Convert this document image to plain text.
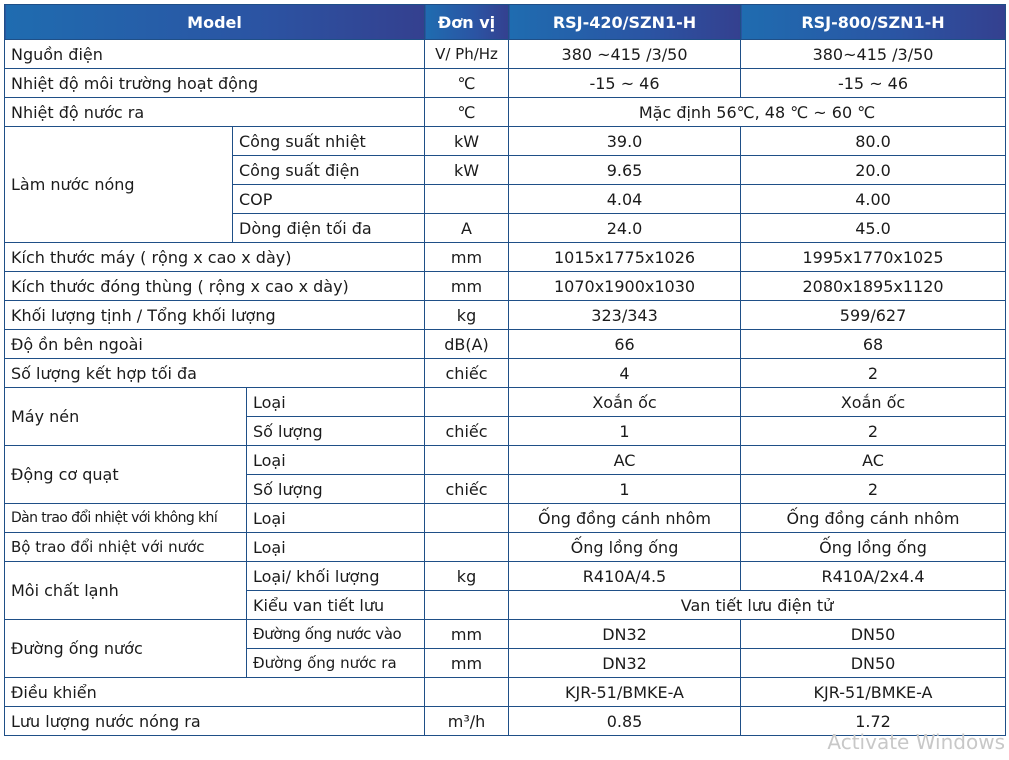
Model			Đơn vị	RSJ-420/SZN1-H	RSJ-800/SZN1-H
Nguồn điện			V/ Ph/Hz	380 ~415 /3/50	380~415 /3/50
Nhiệt độ môi trường hoạt động			℃	-15 ~ 46	-15 ~ 46
Nhiệt độ nước ra			℃	Mặc định 56℃, 48 ℃ ~ 60 ℃	
Làm nước nóng	Công suất nhiệt		kW	39.0	80.0
	Công suất điện		kW	9.65	20.0
	COP			4.04	4.00
	Dòng điện tối đa		A	24.0	45.0
Kích thước máy ( rộng x cao x dày)			mm	1015x1775x1026	1995x1770x1025
Kích thước đóng thùng ( rộng x cao x dày)			mm	1070x1900x1030	2080x1895x1120
Khối lượng tịnh / Tổng khối lượng			kg	323/343	599/627
Độ ồn bên ngoài			dB(A)	66	68
Số lượng kết hợp tối đa			chiếc	4	2
Máy nén		Loại		Xoắn ốc	Xoắn ốc
		Số lượng	chiếc	1	2
Động cơ quạt		Loại		AC	AC
		Số lượng	chiếc	1	2
Dàn trao đổi nhiệt với không khí		Loại		Ống đồng cánh nhôm	Ống đồng cánh nhôm
Bộ trao đổi nhiệt với nước		Loại		Ống lồng ống	Ống lồng ống
Môi chất lạnh		Loại/ khối lượng	kg	R410A/4.5	R410A/2x4.4
		Kiểu van tiết lưu		Van tiết lưu điện tử	
Đường ống nước		Đường ống nước vào	mm	DN32	DN50
		Đường ống nước ra	mm	DN32	DN50
Điều khiển				KJR-51/BMKE-A	KJR-51/BMKE-A
Lưu lượng nước nóng ra			m³/h	0.85	1.72
Activate Windows
